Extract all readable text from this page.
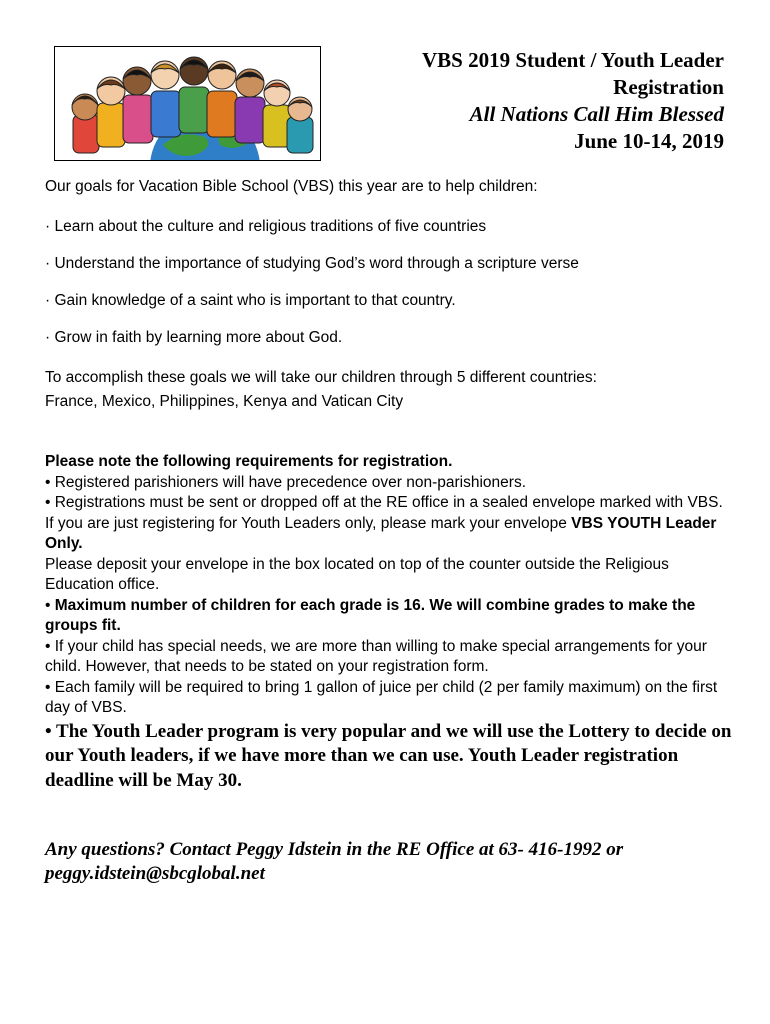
VBS 2019 Student / Youth Leader
Registration
All Nations Call Him Blessed
June 10-14, 2019

Our goals for Vacation Bible School (VBS) this year are to help children:

· Learn about the culture and religious traditions of five countries

· Understand the importance of studying God’s word through a scripture verse

· Gain knowledge of a saint who is important to that country.

· Grow in faith by learning more about God.

To accomplish these goals we will take our children through 5 different countries:
France, Mexico, Philippines, Kenya and Vatican City

Please note the following requirements for registration.

• Registered parishioners will have precedence over non-parishioners.

• Registrations must be sent or dropped off at the RE office in a sealed envelope marked with VBS. If you are just registering for Youth Leaders only, please mark your envelope VBS YOUTH Leader Only.

Please deposit your envelope in the box located on top of the counter outside the Religious Education office.

• Maximum number of children for each grade is 16. We will combine grades to make the groups fit.

• If your child has special needs, we are more than willing to make special arrangements for your child. However, that needs to be stated on your registration form.

• Each family will be required to bring 1 gallon of juice per child (2 per family maximum) on the first day of VBS.

• The Youth Leader program is very popular and we will use the Lottery to decide on our Youth leaders, if we have more than we can use. Youth Leader registration deadline will be May 30.

Any questions? Contact Peggy Idstein in the RE Office at 63- 416-1992 or peggy.idstein@sbcglobal.net
